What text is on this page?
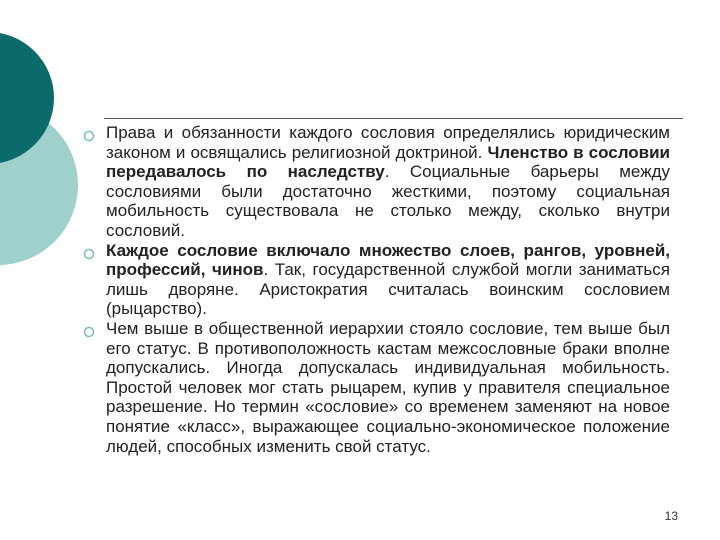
Права и обязанности каждого сословия определялись юридическим законом и освящались религиозной доктриной. Членство в сословии передавалось по наследству. Социальные барьеры между сословиями были достаточно жесткими, поэтому социальная мобильность существовала не столько между, сколько внутри сословий.

Каждое сословие включало множество слоев, рангов, уровней, профессий, чинов. Так, государственной службой могли заниматься лишь дворяне. Аристократия считалась воинским сословием (рыцарство).

Чем выше в общественной иерархии стояло сословие, тем выше был его статус. В противоположность кастам межсословные браки вполне допускались. Иногда допускалась индивидуальная мобильность. Простой человек мог стать рыцарем, купив у правителя специальное разрешение. Но термин «сословие» со временем заменяют на новое понятие «класс», выражающее социально-экономическое положение людей, способных изменить свой статус.

13
